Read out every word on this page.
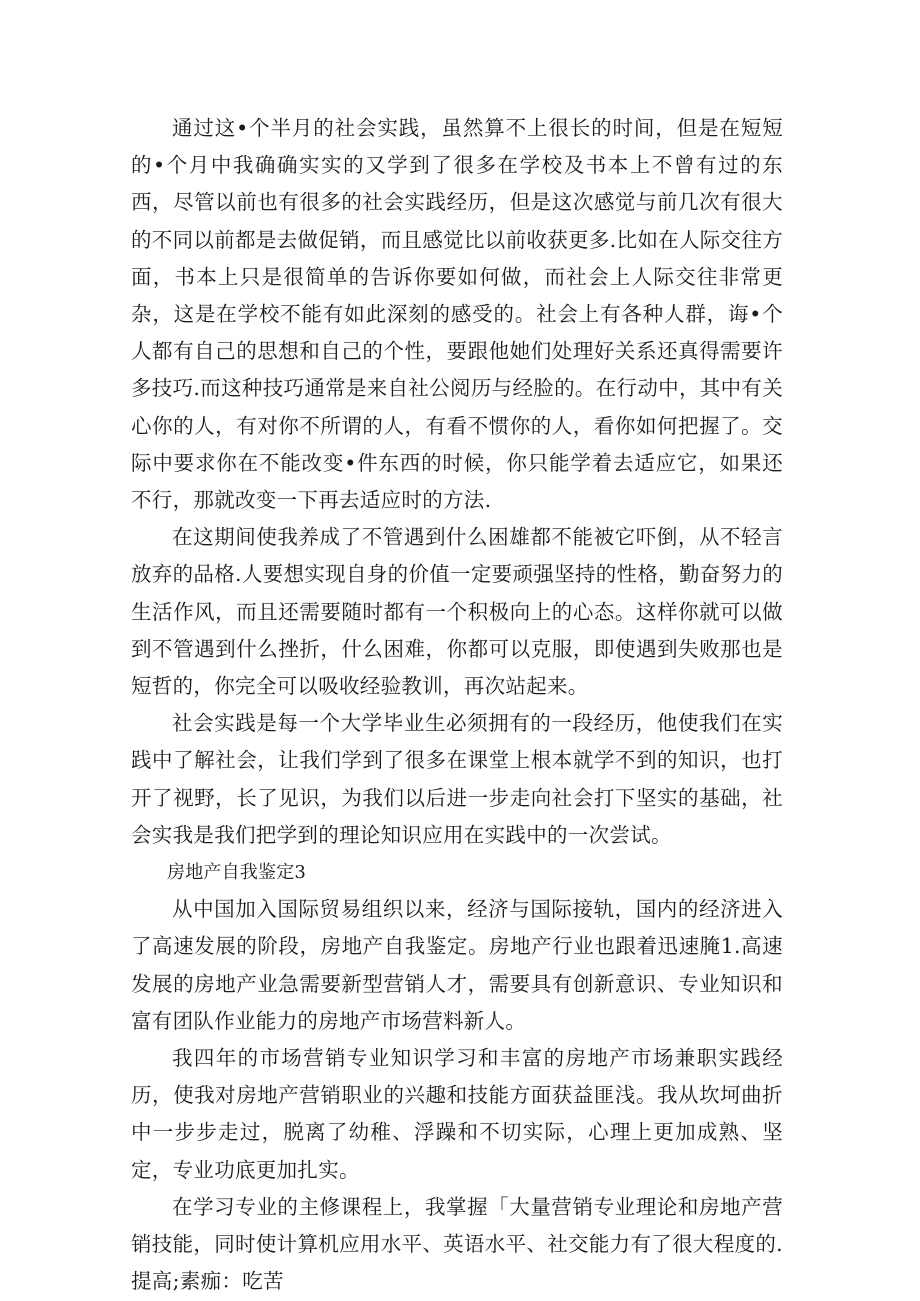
通过这•个半月的社会实践，虽然算不上很长的时间，但是在短短的•个月中我确确实实的又学到了很多在学校及书本上不曾有过的东西，尽管以前也有很多的社会实践经历，但是这次感觉与前几次有很大的不同以前都是去做促销，而且感觉比以前收获更多.比如在人际交往方面，书本上只是很简单的告诉你要如何做，而社会上人际交往非常更杂，这是在学校不能有如此深刻的感受的。社会上有各种人群，诲•个人都有自己的思想和自己的个性，要跟他她们处理好关系还真得需要许多技巧.而这种技巧通常是来自社公阅历与经脸的。在行动中，其中有关心你的人，有对你不所谓的人，有看不惯你的人，看你如何把握了。交际中要求你在不能改变•件东西的时候，你只能学着去适应它，如果还不行，那就改变一下再去适应时的方法.

在这期间使我养成了不管遇到什么困雄都不能被它吓倒，从不轻言放弃的品格.人要想实现自身的价值一定要顽强坚持的性格，勤奋努力的生活作风，而且还需要随时都有一个积极向上的心态。这样你就可以做到不管遇到什么挫折，什么困难，你都可以克服，即使遇到失败那也是短哲的，你完全可以吸收经验教训，再次站起来。

社会实践是每一个大学毕业生必须拥有的一段经历，他使我们在实践中了解社会，让我们学到了很多在课堂上根本就学不到的知识，也打开了视野，长了见识，为我们以后进一步走向社会打下坚实的基础，社会实我是我们把学到的理论知识应用在实践中的一次尝试。

房地产自我鉴定3

从中国加入国际贸易组织以来，经济与国际接轨，国内的经济进入了高速发展的阶段，房地产自我鉴定。房地产行业也跟着迅速腌1.高速发展的房地产业急需要新型营销人才，需要具有创新意识、专业知识和富有团队作业能力的房地产市场营料新人。

我四年的市场营销专业知识学习和丰富的房地产市场兼职实践经历，使我对房地产营销职业的兴趣和技能方面获益匪浅。我从坎坷曲折中一步步走过，脱离了幼稚、浮躁和不切实际，心理上更加成熟、坚定，专业功底更加扎实。

在学习专业的主修课程上，我掌握「大量营销专业理论和房地产营销技能，同时使计算机应用水平、英语水平、社交能力有了很大程度的.提高;素痂：吃苦
